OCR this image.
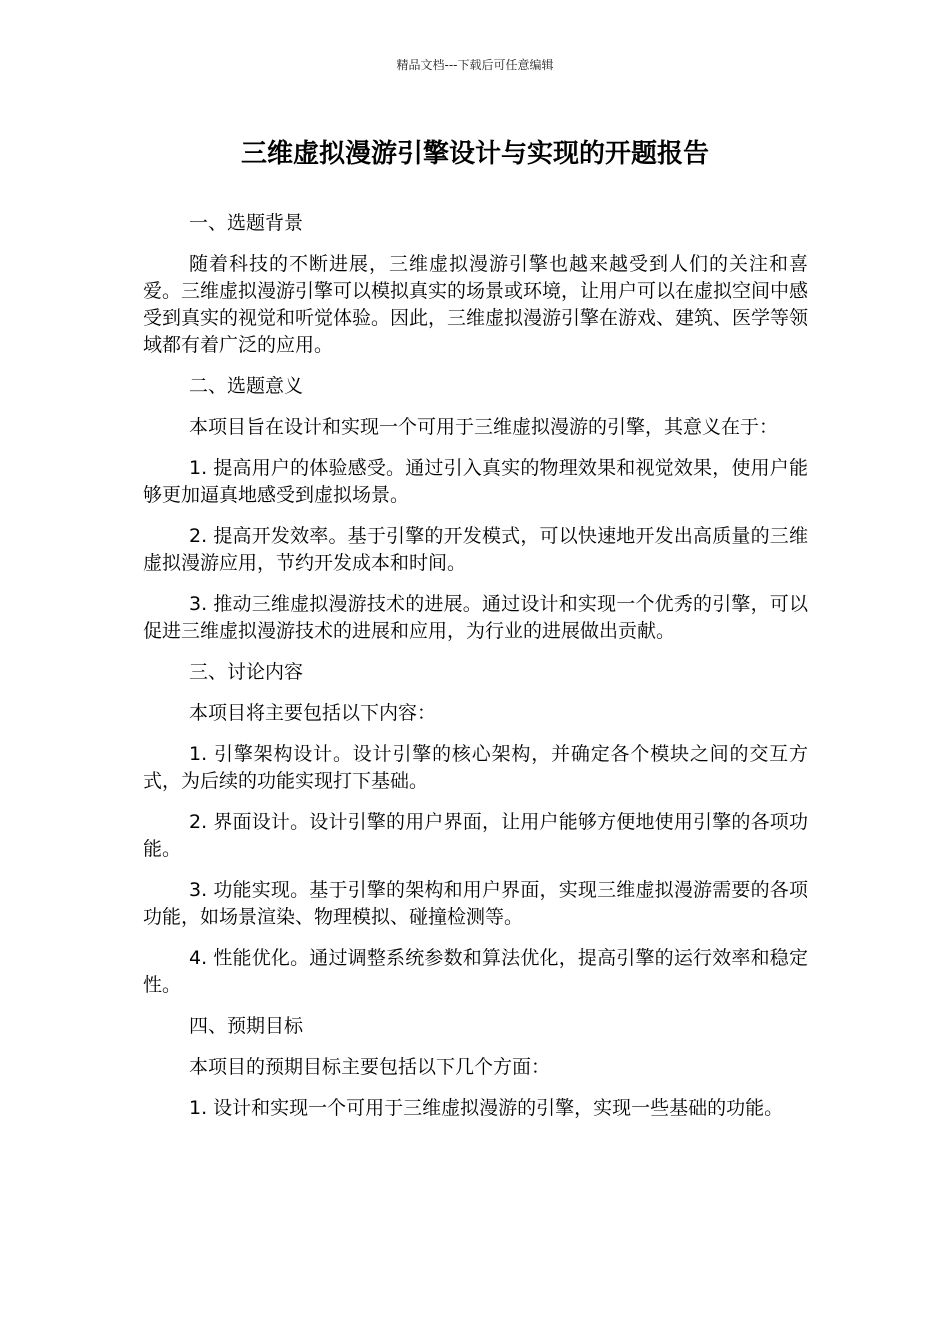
精品文档---下载后可任意编辑
三维虚拟漫游引擎设计与实现的开题报告

一、选题背景

随着科技的不断进展，三维虚拟漫游引擎也越来越受到人们的关注和喜爱。三维虚拟漫游引擎可以模拟真实的场景或环境，让用户可以在虚拟空间中感受到真实的视觉和听觉体验。因此，三维虚拟漫游引擎在游戏、建筑、医学等领域都有着广泛的应用。

二、选题意义

本项目旨在设计和实现一个可用于三维虚拟漫游的引擎，其意义在于：

1. 提高用户的体验感受。通过引入真实的物理效果和视觉效果，使用户能够更加逼真地感受到虚拟场景。

2. 提高开发效率。基于引擎的开发模式，可以快速地开发出高质量的三维虚拟漫游应用，节约开发成本和时间。

3. 推动三维虚拟漫游技术的进展。通过设计和实现一个优秀的引擎，可以促进三维虚拟漫游技术的进展和应用，为行业的进展做出贡献。

三、讨论内容

本项目将主要包括以下内容：

1. 引擎架构设计。设计引擎的核心架构，并确定各个模块之间的交互方式，为后续的功能实现打下基础。

2. 界面设计。设计引擎的用户界面，让用户能够方便地使用引擎的各项功能。

3. 功能实现。基于引擎的架构和用户界面，实现三维虚拟漫游需要的各项功能，如场景渲染、物理模拟、碰撞检测等。

4. 性能优化。通过调整系统参数和算法优化，提高引擎的运行效率和稳定性。

四、预期目标

本项目的预期目标主要包括以下几个方面：

1. 设计和实现一个可用于三维虚拟漫游的引擎，实现一些基础的功能。
